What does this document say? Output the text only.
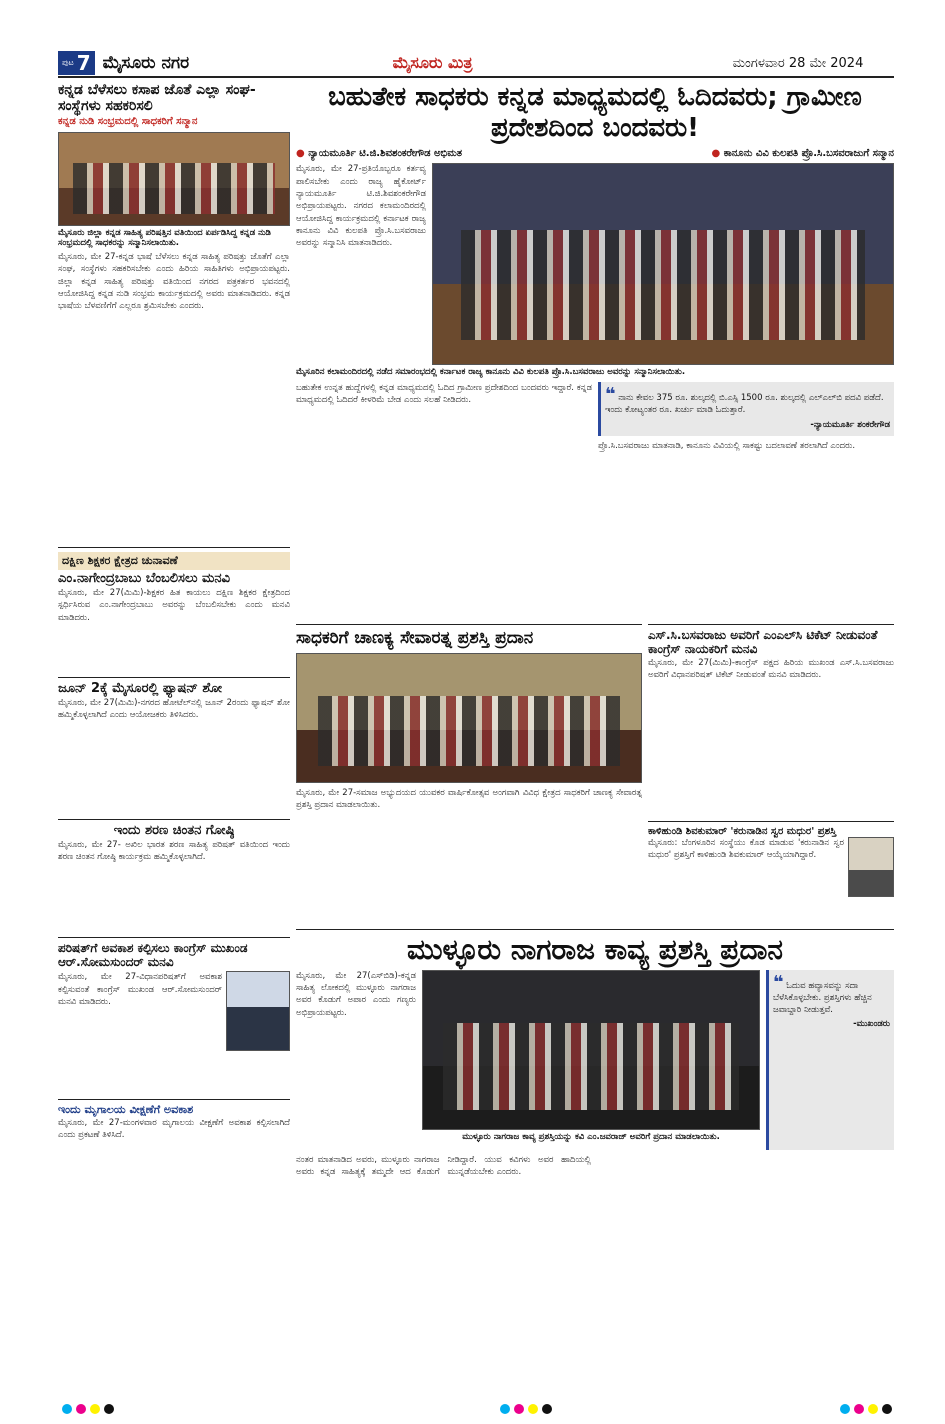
ಪುಟ 7 ಮೈಸೂರು ನಗರ	ಮೈಸೂರು ಮಿತ್ರ	ಮಂಗಳವಾರ 28 ಮೇ 2024
ಕನ್ನಡ ಬೆಳೆಸಲು ಕಸಾಪ ಜೊತೆ ಎಲ್ಲಾ ಸಂಘ-ಸಂಸ್ಥೆಗಳು ಸಹಕರಿಸಲಿ
ಕನ್ನಡ ನುಡಿ ಸಂಭ್ರಮದಲ್ಲಿ ಸಾಧಕರಿಗೆ ಸನ್ಮಾನ
ಮೈಸೂರು ಜಿಲ್ಲಾ ಕನ್ನಡ ಸಾಹಿತ್ಯ ಪರಿಷತ್ತಿನ ವತಿಯಿಂದ ಏರ್ಪಡಿಸಿದ್ದ ಕನ್ನಡ ನುಡಿ ಸಂಭ್ರಮದಲ್ಲಿ ಸಾಧಕರನ್ನು ಸನ್ಮಾನಿಸಲಾಯಿತು.
ಮೈಸೂರು, ಮೇ 27-ಕನ್ನಡ ಭಾಷೆ ಬೆಳೆಸಲು ಕನ್ನಡ ಸಾಹಿತ್ಯ ಪರಿಷತ್ತು ಜೊತೆಗೆ ಎಲ್ಲಾ ಸಂಘ, ಸಂಸ್ಥೆಗಳು ಸಹಕರಿಸಬೇಕು ಎಂದು ಹಿರಿಯ ಸಾಹಿತಿಗಳು ಅಭಿಪ್ರಾಯಪಟ್ಟರು. ಜಿಲ್ಲಾ ಕನ್ನಡ ಸಾಹಿತ್ಯ ಪರಿಷತ್ತು ವತಿಯಿಂದ ನಗರದ ಪತ್ರಕರ್ತರ ಭವನದಲ್ಲಿ ಆಯೋಜಿಸಿದ್ದ ಕನ್ನಡ ನುಡಿ ಸಂಭ್ರಮ ಕಾರ್ಯಕ್ರಮದಲ್ಲಿ ಅವರು ಮಾತನಾಡಿದರು. ಕನ್ನಡ ಭಾಷೆಯ ಬೆಳವಣಿಗೆಗೆ ಎಲ್ಲರೂ ಶ್ರಮಿಸಬೇಕು ಎಂದರು.
ದಕ್ಷಿಣ ಶಿಕ್ಷಕರ ಕ್ಷೇತ್ರದ ಚುನಾವಣೆ
ಎಂ.ನಾಗೇಂದ್ರಬಾಬು ಬೆಂಬಲಿಸಲು ಮನವಿ
ಮೈಸೂರು, ಮೇ 27(ಮಿಮಿ)-ಶಿಕ್ಷಕರ ಹಿತ ಕಾಯಲು ದಕ್ಷಿಣ ಶಿಕ್ಷಕರ ಕ್ಷೇತ್ರದಿಂದ ಸ್ಪರ್ಧಿಸಿರುವ ಎಂ.ನಾಗೇಂದ್ರಬಾಬು ಅವರನ್ನು ಬೆಂಬಲಿಸಬೇಕು ಎಂದು ಮನವಿ ಮಾಡಿದರು.
ಜೂನ್ 2ಕ್ಕೆ ಮೈಸೂರಲ್ಲಿ ಫ್ಯಾಷನ್ ಶೋ
ಮೈಸೂರು, ಮೇ 27(ಮಿಮಿ)-ನಗರದ ಹೋಟೆಲ್‌ನಲ್ಲಿ ಜೂನ್ 2ರಂದು ಫ್ಯಾಷನ್ ಶೋ ಹಮ್ಮಿಕೊಳ್ಳಲಾಗಿದೆ ಎಂದು ಆಯೋಜಕರು ತಿಳಿಸಿದರು.
ಇಂದು ಶರಣ ಚಿಂತನ ಗೋಷ್ಠಿ
ಮೈಸೂರು, ಮೇ 27- ಅಖಿಲ ಭಾರತ ಶರಣ ಸಾಹಿತ್ಯ ಪರಿಷತ್ ವತಿಯಿಂದ ಇಂದು ಶರಣ ಚಿಂತನ ಗೋಷ್ಠಿ ಕಾರ್ಯಕ್ರಮ ಹಮ್ಮಿಕೊಳ್ಳಲಾಗಿದೆ.
ಪರಿಷತ್‌ಗೆ ಅವಕಾಶ ಕಲ್ಪಿಸಲು ಕಾಂಗ್ರೆಸ್ ಮುಖಂಡ ಆರ್.ಸೋಮಸುಂದರ್ ಮನವಿ
ಮೈಸೂರು, ಮೇ 27-ವಿಧಾನಪರಿಷತ್‌ಗೆ ಅವಕಾಶ ಕಲ್ಪಿಸುವಂತೆ ಕಾಂಗ್ರೆಸ್ ಮುಖಂಡ ಆರ್.ಸೋಮಸುಂದರ್ ಮನವಿ ಮಾಡಿದರು.
ಇಂದು ಮೃಗಾಲಯ ವೀಕ್ಷಣೆಗೆ ಅವಕಾಶ
ಮೈಸೂರು, ಮೇ 27-ಮಂಗಳವಾರ ಮೃಗಾಲಯ ವೀಕ್ಷಣೆಗೆ ಅವಕಾಶ ಕಲ್ಪಿಸಲಾಗಿದೆ ಎಂದು ಪ್ರಕಟಣೆ ತಿಳಿಸಿದೆ.
ಬಹುತೇಕ ಸಾಧಕರು ಕನ್ನಡ ಮಾಧ್ಯಮದಲ್ಲಿ ಓದಿದವರು; ಗ್ರಾಮೀಣ ಪ್ರದೇಶದಿಂದ ಬಂದವರು!
● ನ್ಯಾಯಮೂರ್ತಿ ಟಿ.ಜಿ.ಶಿವಶಂಕರೇಗೌಡ ಅಭಿಮತ	● ಕಾನೂನು ವಿವಿ ಕುಲಪತಿ ಪ್ರೊ.ಸಿ.ಬಸವರಾಜುಗೆ ಸನ್ಮಾನ
ಮೈಸೂರು, ಮೇ 27-ಪ್ರತಿಯೊಬ್ಬರೂ ಕರ್ತವ್ಯ ಪಾಲಿಸಬೇಕು ಎಂದು ರಾಜ್ಯ ಹೈಕೋರ್ಟ್ ನ್ಯಾಯಮೂರ್ತಿ ಟಿ.ಜಿ.ಶಿವಶಂಕರೇಗೌಡ ಅಭಿಪ್ರಾಯಪಟ್ಟರು. ನಗರದ ಕಲಾಮಂದಿರದಲ್ಲಿ ಆಯೋಜಿಸಿದ್ದ ಕಾರ್ಯಕ್ರಮದಲ್ಲಿ ಕರ್ನಾಟಕ ರಾಜ್ಯ ಕಾನೂನು ವಿವಿ ಕುಲಪತಿ ಪ್ರೊ.ಸಿ.ಬಸವರಾಜು ಅವರನ್ನು ಸನ್ಮಾನಿಸಿ ಮಾತನಾಡಿದರು.
ಮೈಸೂರಿನ ಕಲಾಮಂದಿರದಲ್ಲಿ ನಡೆದ ಸಮಾರಂಭದಲ್ಲಿ ಕರ್ನಾಟಕ ರಾಜ್ಯ ಕಾನೂನು ವಿವಿ ಕುಲಪತಿ ಪ್ರೊ.ಸಿ.ಬಸವರಾಜು ಅವರನ್ನು ಸನ್ಮಾನಿಸಲಾಯಿತು.
ಬಹುತೇಕ ಉನ್ನತ ಹುದ್ದೆಗಳಲ್ಲಿ ಕನ್ನಡ ಮಾಧ್ಯಮದಲ್ಲಿ ಓದಿದ ಗ್ರಾಮೀಣ ಪ್ರದೇಶದಿಂದ ಬಂದವರು ಇದ್ದಾರೆ. ಕನ್ನಡ ಮಾಧ್ಯಮದಲ್ಲಿ ಓದಿದರೆ ಕೀಳರಿಮೆ ಬೇಡ ಎಂದು ಸಲಹೆ ನೀಡಿದರು.	❝ ನಾನು ಕೇವಲ 375 ರೂ. ಶುಲ್ಕದಲ್ಲಿ ಬಿ.ಎಸ್ಸಿ 1500 ರೂ. ಶುಲ್ಕದಲ್ಲಿ ಎಲ್‌ಎಲ್‌ಬಿ ಪದವಿ ಪಡೆದೆ. ಇಂದು ಕೋಟ್ಯಂತರ ರೂ. ಖರ್ಚು ಮಾಡಿ ಓದುತ್ತಾರೆ.
-ನ್ಯಾಯಮೂರ್ತಿ ಶಂಕರೇಗೌಡ
ಪ್ರೊ.ಸಿ.ಬಸವರಾಜು ಮಾತನಾಡಿ, ಕಾನೂನು ವಿವಿಯಲ್ಲಿ ಸಾಕಷ್ಟು ಬದಲಾವಣೆ ತರಲಾಗಿದೆ ಎಂದರು.
ಸಾಧಕರಿಗೆ ಚಾಣಕ್ಯ ಸೇವಾರತ್ನ ಪ್ರಶಸ್ತಿ ಪ್ರದಾನ
ಮೈಸೂರು, ಮೇ 27-ಸಮಾಜ ಅಭ್ಯುದಯದ ಯುವಕರ ವಾರ್ಷಿಕೋತ್ಸವ ಅಂಗವಾಗಿ ವಿವಿಧ ಕ್ಷೇತ್ರದ ಸಾಧಕರಿಗೆ ಚಾಣಕ್ಯ ಸೇವಾರತ್ನ ಪ್ರಶಸ್ತಿ ಪ್ರದಾನ ಮಾಡಲಾಯಿತು.
ಎಸ್.ಸಿ.ಬಸವರಾಜು ಅವರಿಗೆ ಎಂಎಲ್‌ಸಿ ಟಿಕೆಟ್ ನೀಡುವಂತೆ ಕಾಂಗ್ರೆಸ್ ನಾಯಕರಿಗೆ ಮನವಿ
ಮೈಸೂರು, ಮೇ 27(ಮಿಮಿ)-ಕಾಂಗ್ರೆಸ್ ಪಕ್ಷದ ಹಿರಿಯ ಮುಖಂಡ ಎಸ್.ಸಿ.ಬಸವರಾಜು ಅವರಿಗೆ ವಿಧಾನಪರಿಷತ್ ಟಿಕೆಟ್ ನೀಡುವಂತೆ ಮನವಿ ಮಾಡಿದರು.
ಕಾಳಿಹುಂಡಿ ಶಿವಕುಮಾರ್ 'ಕರುನಾಡಿನ ಸ್ವರ ಮಧುರ' ಪ್ರಶಸ್ತಿ
ಮೈಸೂರು: ಬೆಂಗಳೂರಿನ ಸಂಸ್ಥೆಯು ಕೊಡ ಮಾಡುವ 'ಕರುನಾಡಿನ ಸ್ವರ ಮಧುರ' ಪ್ರಶಸ್ತಿಗೆ ಕಾಳಿಹುಂಡಿ ಶಿವಕುಮಾರ್ ಆಯ್ಕೆಯಾಗಿದ್ದಾರೆ.
ಮುಳ್ಳೂರು ನಾಗರಾಜ ಕಾವ್ಯ ಪ್ರಶಸ್ತಿ ಪ್ರದಾನ
ಮೈಸೂರು, ಮೇ 27(ಎಸ್‌ಬಿಡಿ)-ಕನ್ನಡ ಸಾಹಿತ್ಯ ಲೋಕದಲ್ಲಿ ಮುಳ್ಳೂರು ನಾಗರಾಜ ಅವರ ಕೊಡುಗೆ ಅಪಾರ ಎಂದು ಗಣ್ಯರು ಅಭಿಪ್ರಾಯಪಟ್ಟರು.
ಮುಳ್ಳೂರು ನಾಗರಾಜ ಕಾವ್ಯ ಪ್ರಶಸ್ತಿಯನ್ನು ಕವಿ ಎಂ.ಜವರಾಜ್ ಅವರಿಗೆ ಪ್ರದಾನ ಮಾಡಲಾಯಿತು.
❝ ಓದುವ ಹವ್ಯಾಸವನ್ನು ಸದಾ ಬೆಳೆಸಿಕೊಳ್ಳಬೇಕು. ಪ್ರಶಸ್ತಿಗಳು ಹೆಚ್ಚಿನ ಜವಾಬ್ದಾರಿ ನೀಡುತ್ತವೆ.
-ಮುಖಂಡರು
ನಂತರ ಮಾತನಾಡಿದ ಅವರು, ಮುಳ್ಳೂರು ನಾಗರಾಜ ಅವರು ಕನ್ನಡ ಸಾಹಿತ್ಯಕ್ಕೆ ತಮ್ಮದೇ ಆದ ಕೊಡುಗೆ ನೀಡಿದ್ದಾರೆ. ಯುವ ಕವಿಗಳು ಅವರ ಹಾದಿಯಲ್ಲಿ ಮುನ್ನಡೆಯಬೇಕು ಎಂದರು.
